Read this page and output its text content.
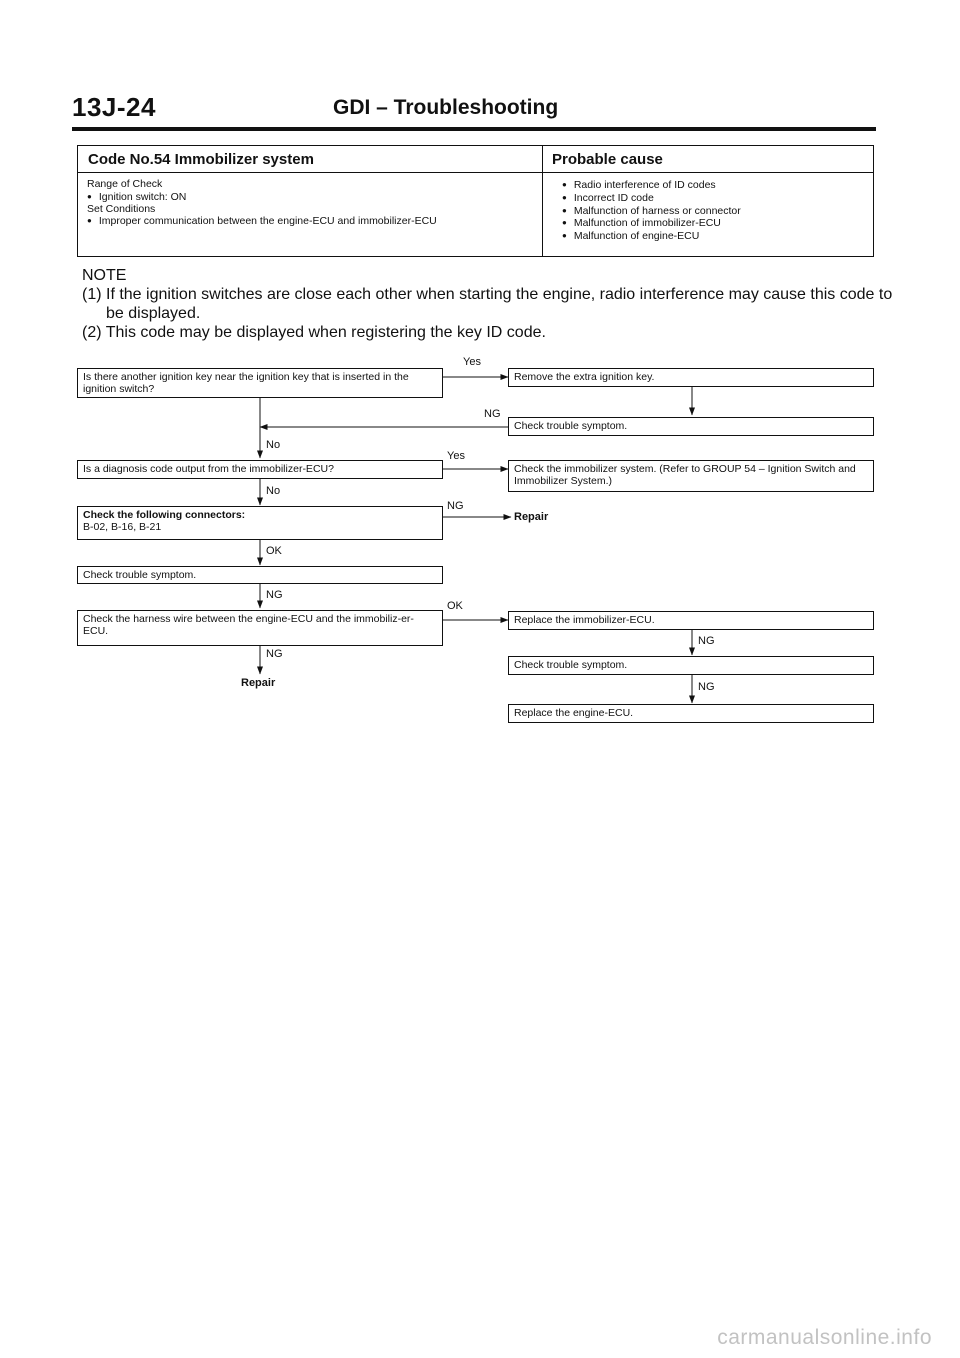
13J-24	GDI – Troubleshooting
Code No.54 Immobilizer system
Range of Check
● Ignition switch: ON
Set Conditions
● Improper communication between the engine-ECU and immobilizer-ECU
Probable cause
● Radio interference of ID codes
● Incorrect ID code
● Malfunction of harness or connector
● Malfunction of immobilizer-ECU
● Malfunction of engine-ECU
NOTE
(1) If the ignition switches are close each other when starting the engine, radio interference may cause this code to be displayed.
(2) This code may be displayed when registering the key ID code.
Is there another ignition key near the ignition key that is inserted in the ignition switch?
Remove the extra ignition key.
Check trouble symptom.
Is a diagnosis code output from the immobilizer-ECU?	Check the immobilizer system. (Refer to GROUP 54 – Ignition Switch and Immobilizer System.)
Check the following connectors:
B-02, B-16, B-21
Check trouble symptom.
Check the harness wire between the engine-ECU and the immobiliz-er-ECU.
Replace the immobilizer-ECU.
Check trouble symptom.
Replace the engine-ECU.
Yes
NG
No
Yes
No
NG
Repair
OK
NG
OK
NG
Repair
NG
NG
carmanualsonline.info
